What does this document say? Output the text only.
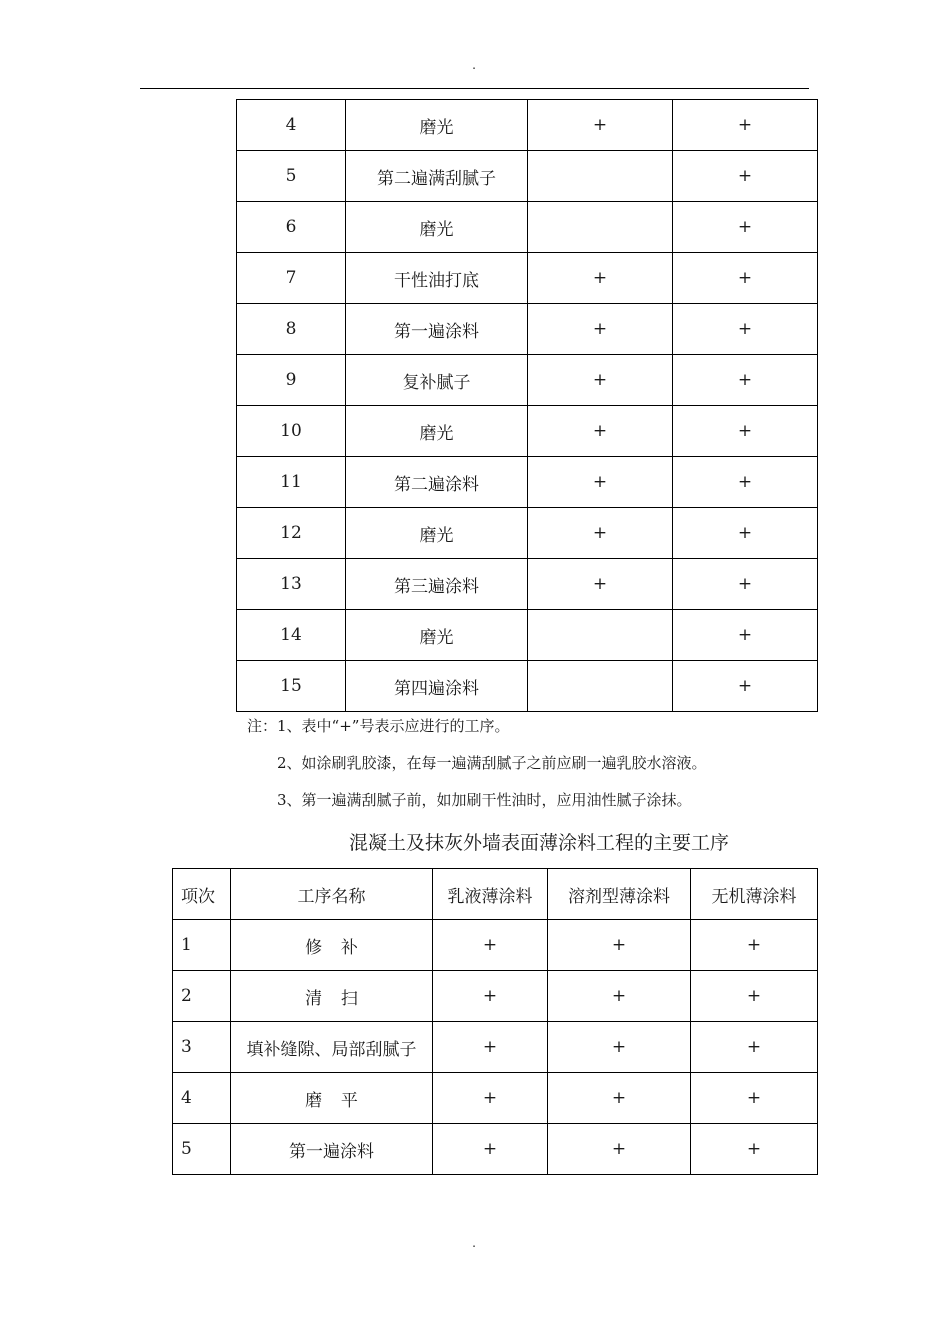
.
4	磨光	+	+
5	第二遍满刮腻子		+
6	磨光		+
7	干性油打底	+	+
8	第一遍涂料	+	+
9	复补腻子	+	+
10	磨光	+	+
11	第二遍涂料	+	+
12	磨光	+	+
13	第三遍涂料	+	+
14	磨光		+
15	第四遍涂料		+
注：1、表中“+”号表示应进行的工序。
2、如涂刷乳胶漆，在每一遍满刮腻子之前应刷一遍乳胶水溶液。
3、第一遍满刮腻子前，如加刷干性油时，应用油性腻子涂抹。
混凝土及抹灰外墙表面薄涂料工程的主要工序
项次	工序名称	乳液薄涂料	溶剂型薄涂料	无机薄涂料
1	修补	+	+	+
2	清扫	+	+	+
3	填补缝隙、局部刮腻子	+	+	+
4	磨平	+	+	+
5	第一遍涂料	+	+	+
.
